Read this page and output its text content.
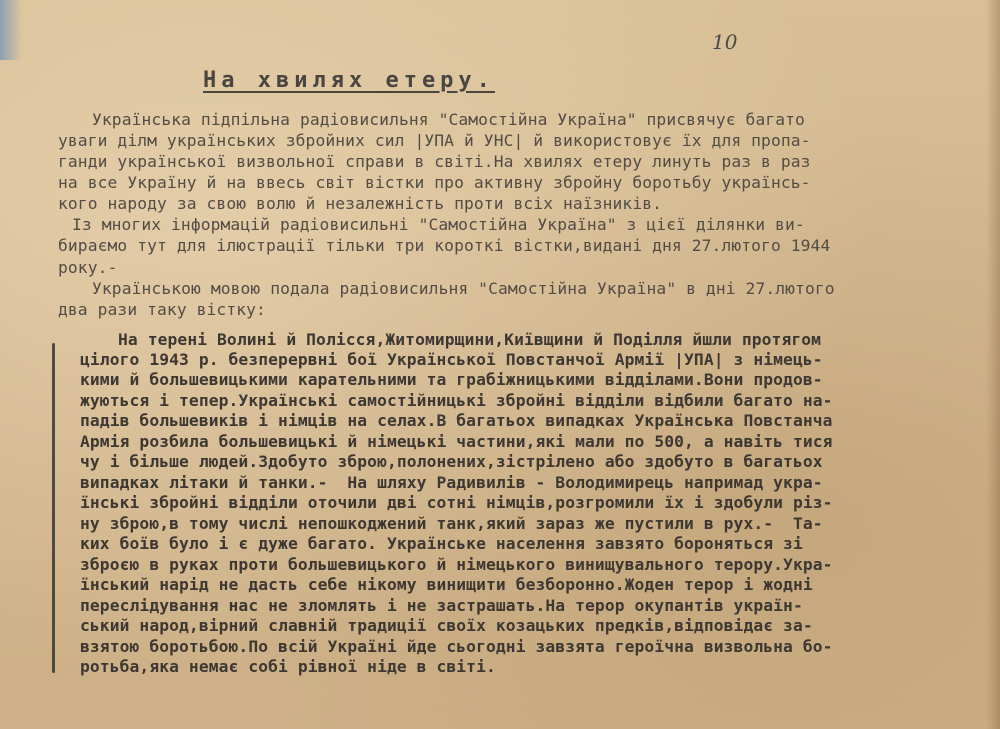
10
На хвилях етеру.

Українська підпільна радіовисильня "Самостійна Україна" присвячує багато

уваги ділм українських збройних сил |УПА й УНС| й використовує їх для пропа-

ганди української визвольної справи в світі.На хвилях етеру линуть раз в раз

на все Україну й на ввесь світ вістки про активну збройну боротьбу українсь-

кого народу за свою волю й незалежність проти всіх наїзників.

Із многих інформацій радіовисильні "Самостійна Україна" з цієї ділянки ви-

бираємо тут для ілюстрації тільки три короткі вістки,видані дня 27.лютого 1944

року.-

Українською мовою подала радіовисильня "Самостійна Україна" в дні 27.лютого

два рази таку вістку:

На терені Волині й Полісся,Житомирщини,Київщини й Поділля йшли протягом

цілого 1943 р. безперервні бої Української Повстанчої Армії |УПА| з німець-

кими й большевицькими карательними та грабіжницькими відділами.Вони продов-

жуються і тепер.Українські самостійницькі збройні відділи відбили багато на-

падів большевиків і німців на селах.В багатьох випадках Українська Повстанча

Армія розбила большевицькі й німецькі частини,які мали по 500, а навіть тися

чу і більше людей.Здобуто зброю,полонених,зістрілено або здобуто в багатьох

випадках літаки й танки.-  На шляху Радивилів - Володимирець напримад укра-

їнські збройні відділи оточили дві сотні німців,розгромили їх і здобули різ-

ну зброю,в тому числі непошкоджений танк,який зараз же пустили в рух.-  Та-

ких боїв було і є дуже багато. Українське населення завзято бороняться зі

зброєю в руках проти большевицького й німецького винищувального терору.Укра-

їнський нарід не дасть себе нікому винищити безборонно.Жоден терор і жодні

переслідування нас не зломлять і не застрашать.На терор окупантів україн-

ський народ,вірний славній традиції своїх козацьких предків,відповідає за-

взятою боротьбою.По всій Україні йде сьогодні завзята героїчна визвольна бо-

ротьба,яка немає собі рівної ніде в світі.
